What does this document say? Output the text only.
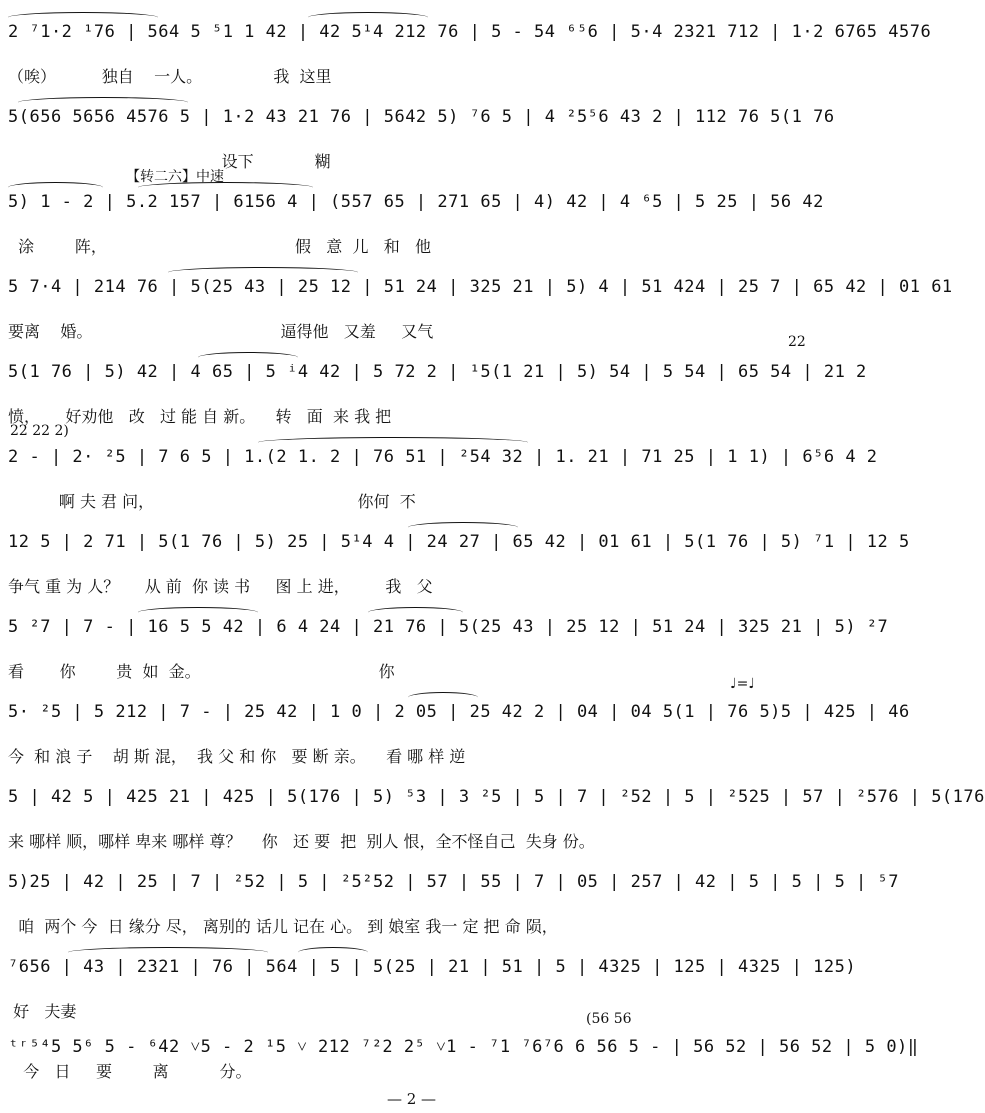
2 ⁷1·2 ¹76 | 564 5 ⁵1 1 42 | 42 5¹4 212 76 | 5 - 54 ⁶⁵6 | 5·4 2321 712 | 1·2 6765 4576
（唉）         独自    一人。              我  这里
5(656 5656 4576 5 | 1·2 43 21 76 | 5642 5) ⁷6 5 | 4 ²5⁵6 43 2 | 112 76 5(1 76
设下            糊
【转二六】中速
5) 1 - 2 | 5.2 157 | 6156 4 | (557 65 | 271 65 | 4) 42 | 4 ⁶5 | 5 25 | 56 42
涂        阵，                                     假   意  儿   和   他
5 7·4 | 214 76 | 5(25 43 | 25 12 | 51 24 | 325 21 | 5) 4 | 51 424 | 25 7 | 65 42 | 01 61
要离    婚。                                     逼得他   又羞     又气
22
5(1 76 | 5) 42 | 4 65 | 5 ⁱ4 42 | 5 72 2 | ¹5(1 21 | 5) 54 | 5 54 | 65 54 | 21 2
愤，     好劝他   改   过 能 自 新。    转   面  来 我 把
22 22 2)
2 - | 2· ²5 | 7 6 5 | 1.(2 1. 2 | 76 51 | ²54 32 | 1. 21 | 71 25 | 1 1) | 6⁵6 4 2
啊 夫 君 问，                                        你何  不
12 5 | 2 71 | 5(1 76 | 5) 25 | 5¹4 4 | 24 27 | 65 42 | 01 61 | 5(1 76 | 5) ⁷1 | 12 5
争气 重 为 人？     从 前  你 读 书     图 上 进，       我   父
5 ²7 | 7 - | 16 5 5 42 | 6 4 24 | 21 76 | 5(25 43 | 25 12 | 51 24 | 325 21 | 5) ²7
看       你        贵  如  金。                                   你
♩=♩
5· ²5 | 5 212 | 7 - | 25 42 | 1 0 | 2 05 | 25 42 2 | 04 | 04 5(1 | 76 5)5 | 425 | 46
今  和 浪 子    胡 斯 混，  我 父 和 你   要 断 亲。    看 哪 样 逆
5 | 42 5 | 425 21 | 425 | 5(176 | 5) ⁵3 | 3 ²5 | 5 | 7 | ²52 | 5 | ²525 | 57 | ²576 | 5(176
来 哪样 顺，哪样 卑来 哪样 尊？    你   还 要  把  别人 恨，全不怪自己  失身 份。
5)25 | 42 | 25 | 7 | ²52 | 5 | ²5²52 | 57 | 55 | 7 | 05 | 257 | 42 | 5 | 5 | 5 | ⁵7
咱  两个 今  日 缘分 尽， 离别的 话儿 记在 心。 到 娘室 我一 定 把 命 陨，
⁷656 | 43 | 2321 | 76 | 564 | 5 | 5(25 | 21 | 51 | 5 | 4325 | 125 | 4325 | 125)
好   夫妻	(56 56
ᵗʳ⁵⁴5 5⁶ 5 - ⁶42 ˅5 - 2 ¹5 ˅ 212 ⁷²2 2⁵ ˅1 - ⁷1 ⁷6⁷6 6 56 5 - | 56 52 | 56 52 | 5 0)‖
今   日     要        离          分。
— 2 —
